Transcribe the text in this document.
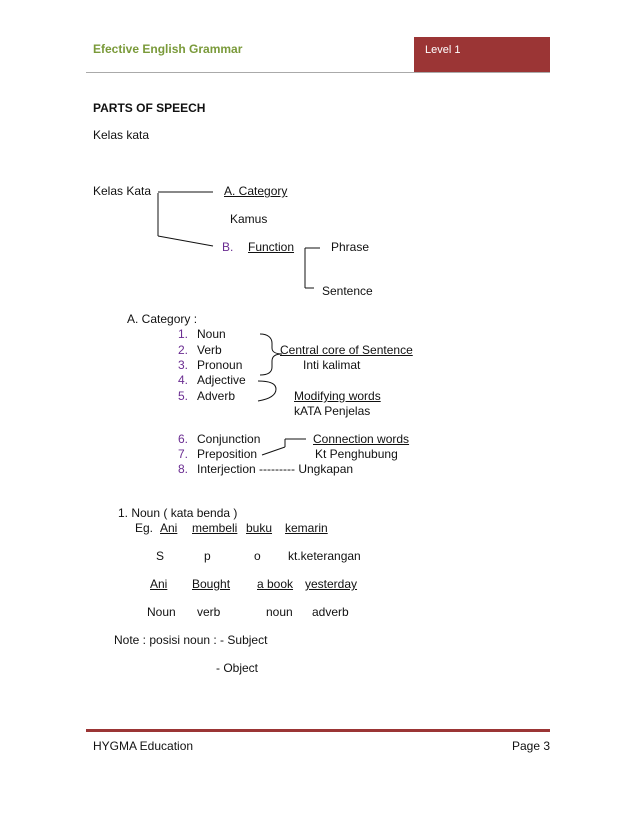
Efective English Grammar	Level 1
PARTS OF SPEECH
Kelas kata
Kelas Kata	A. Category
Kamus
B. Function	Phrase
Sentence
A. Category :
1. Noun
2. Verb
3. Pronoun
4. Adjective
5. Adverb
6. Conjunction
7. Preposition
8. Interjection --------- Ungkapan
Central core of Sentence
Inti kalimat
Modifying words
kATA Penjelas
Connection words
Kt Penghubung
1. Noun ( kata benda )
Eg. Ani membeli buku kemarin
S	p	o kt.keterangan
Ani Bought a book yesterday
Noun verb	noun adverb
Note : posisi noun : - Subject
- Object
HYGMA Education	Page 3
